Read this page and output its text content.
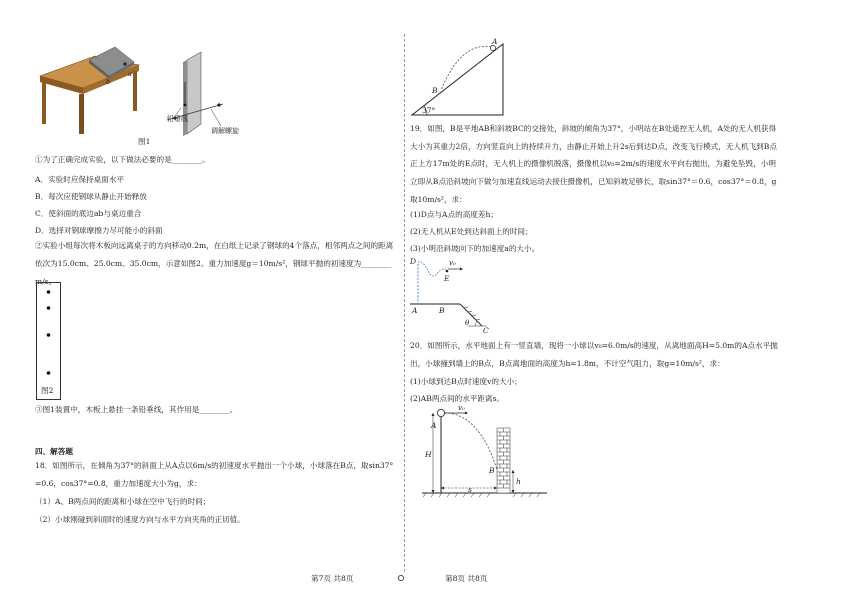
a
b
铅垂线
调解螺旋
图1
①为了正确完成实验，以下做法必要的是________。
A．实验时应保持桌面水平
B．每次应使钢球从静止开始释放
C．使斜面的底边ab与桌边重合
D．选择对钢球摩擦力尽可能小的斜面
②实验小组每次将木板向远离桌子的方向移动0.2m，在白纸上记录了钢球的4个落点，相邻两点之间的距离依次为15.0cm、25.0cm、35.0cm，示意如图2。重力加速度g＝10m/s²，钢球平抛的初速度为________m/s。
图2
③图1装置中，木板上悬挂一条铅垂线，其作用是________。
四、解答题
18．如图所示，在倾角为37°的斜面上从A点以6m/s的初速度水平抛出一个小球，小球落在B点，取sin37°=0.6，cos37°=0.8，重力加速度大小为g，求：
（1）A、B两点间的距离和小球在空中飞行的时间；
（2）小球刚碰到斜面时的速度方向与水平方向夹角的正切值。
A
B
37°
19．如图，B是平地AB和斜坡BC的交接处，斜坡的倾角为37°，小明站在B处遥控无人机，A处的无人机获得大小为其重力2倍，方向竖直向上的持续升力，由静止开始上升2s后到达D点，改变飞行模式，无人机飞到B点正上方17m处的E点时，无人机上的摄像机脱落，摄像机以v₀=2m/s的速度水平向右抛出，为避免坠毁，小明立即从B点沿斜坡向下做匀加速直线运动去接住摄像机，已知斜坡足够长，取sin37°＝0.6，cos37°＝0.8，g取10m/s²，求：
(1)D点与A点的高度差h；
(2)无人机从E处到达斜面上的时间；
(3)小明沿斜坡向下的加速度a的大小。
D	v₀
E
A	B
θ
C
20．如图所示，水平地面上有一竖直墙，现将一小球以v₀=6.0m/s的速度，从离地面高H=5.0m的A点水平抛出，小球撞到墙上的B点，B点离地面的高度为h=1.8m，不计空气阻力，取g=10m/s²，求：
(1)小球到达B点时速度v的大小；
(2)AB两点间的水平距离s。
v₀
A
H
B
h
s
第7页 共8页	第8页 共8页
